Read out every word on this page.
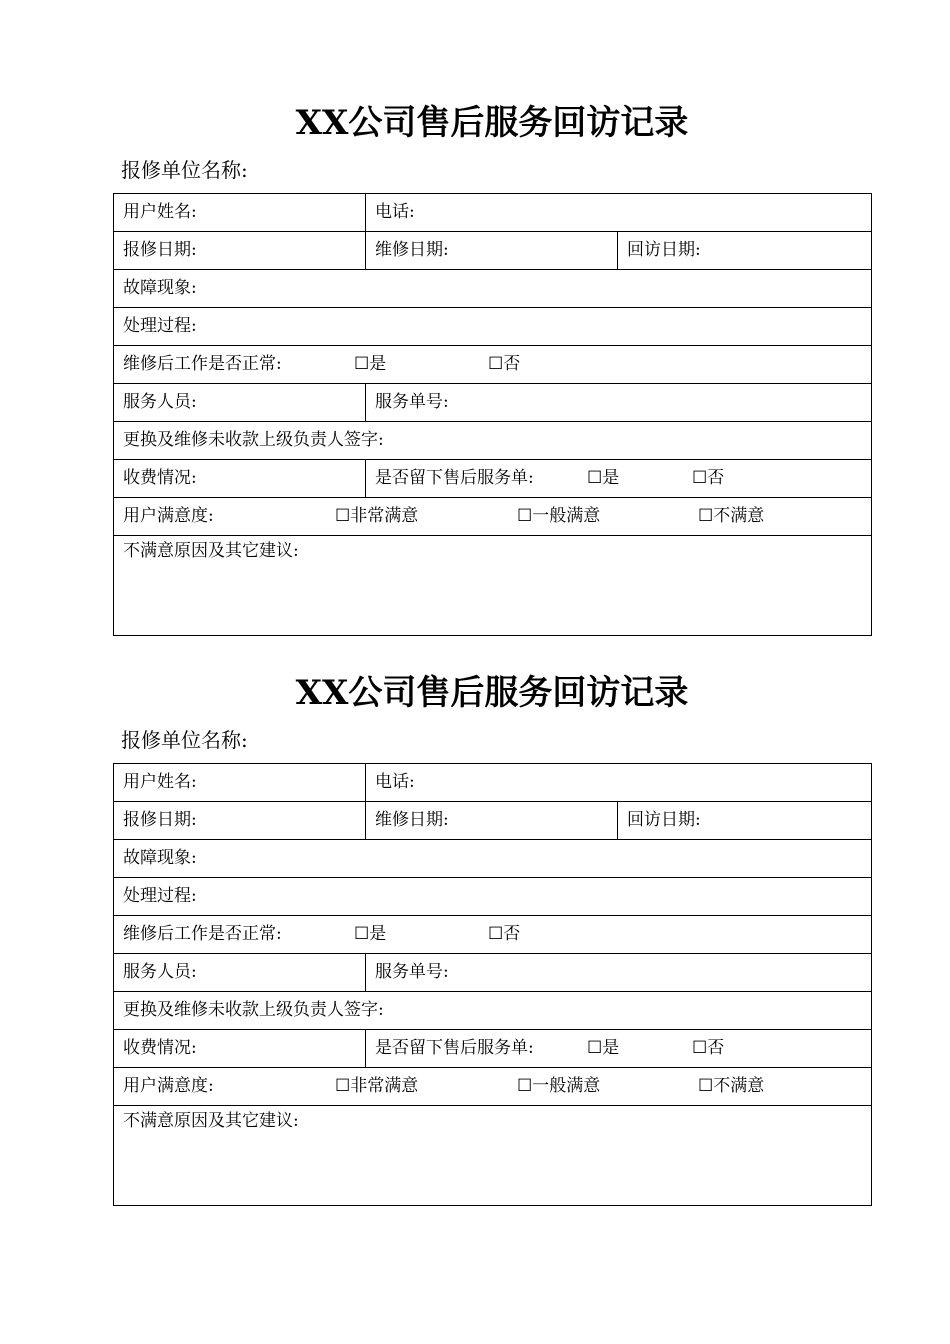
XX公司售后服务回访记录
报修单位名称:
用户姓名:	电话:	
报修日期:	维修日期:	回访日期:
故障现象:		
处理过程:		
维修后工作是否正常: ☐是 ☐否		

服务人员:	服务单号:	
更换及维修未收款上级负责人签字:		
收费情况:	是否留下售后服务单: ☐是 ☐否	

用户满意度: ☐非常满意 ☐一般满意 ☐不满意		

不满意原因及其它建议:		
XX公司售后服务回访记录
报修单位名称:
用户姓名:	电话:	
报修日期:	维修日期:	回访日期:
故障现象:		
处理过程:		
维修后工作是否正常: ☐是 ☐否		

服务人员:	服务单号:	
更换及维修未收款上级负责人签字:		
收费情况:	是否留下售后服务单: ☐是 ☐否	

用户满意度: ☐非常满意 ☐一般满意 ☐不满意		

不满意原因及其它建议:		
